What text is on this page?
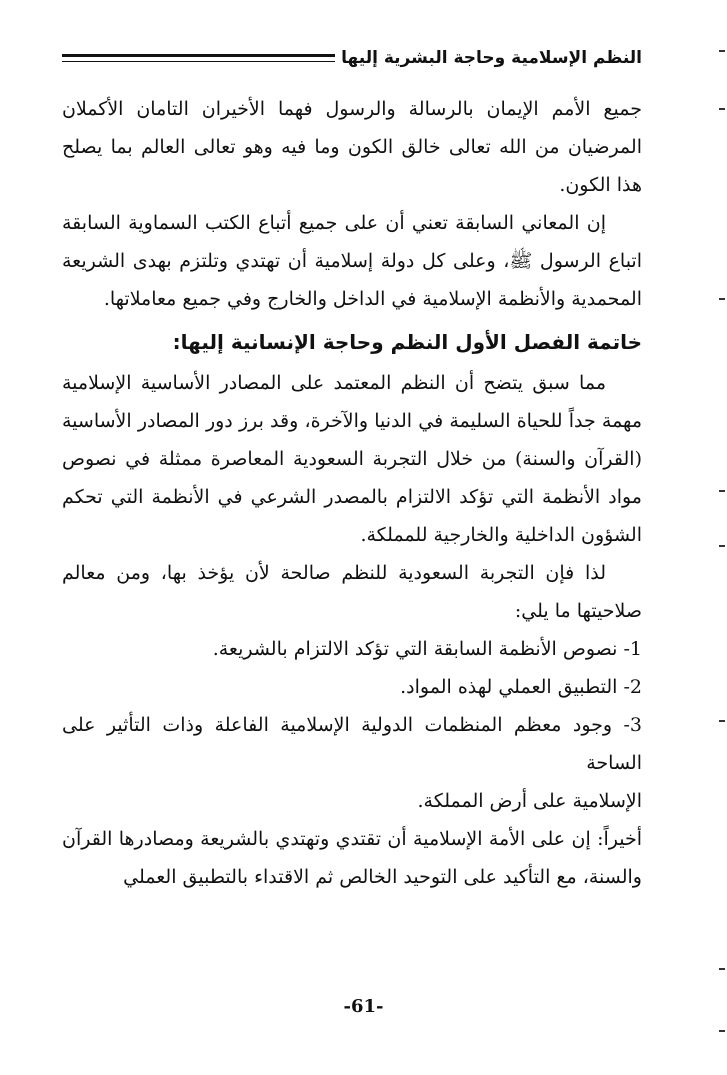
النظم الإسلامية وحاجة البشرية إليها

جميع الأمم الإيمان بالرسالة والرسول فهما الأخيران التامان الأكملان المرضيان من الله تعالى خالق الكون وما فيه وهو تعالى العالم بما يصلح هذا الكون.

إن المعاني السابقة تعني أن على جميع أتباع الكتب السماوية السابقة اتباع الرسول ﷺ، وعلى كل دولة إسلامية أن تهتدي وتلتزم بهدى الشريعة المحمدية والأنظمة الإسلامية في الداخل والخارج وفي جميع معاملاتها.

خاتمة الفصل الأول النظم وحاجة الإنسانية إليها:

مما سبق يتضح أن النظم المعتمد على المصادر الأساسية الإسلامية مهمة جداً للحياة السليمة في الدنيا والآخرة، وقد برز دور المصادر الأساسية (القرآن والسنة) من خلال التجربة السعودية المعاصرة ممثلة في نصوص مواد الأنظمة التي تؤكد الالتزام بالمصدر الشرعي في الأنظمة التي تحكم الشؤون الداخلية والخارجية للمملكة.

لذا فإن التجربة السعودية للنظم صالحة لأن يؤخذ بها، ومن معالم صلاحيتها ما يلي:

1- نصوص الأنظمة السابقة التي تؤكد الالتزام بالشريعة.

2- التطبيق العملي لهذه المواد.

3- وجود معظم المنظمات الدولية الإسلامية الفاعلة وذات التأثير على الساحة

الإسلامية على أرض المملكة.

أخيراً: إن على الأمة الإسلامية أن تقتدي وتهتدي بالشريعة ومصادرها القرآن والسنة، مع التأكيد على التوحيد الخالص ثم الاقتداء بالتطبيق العملي

-61-
